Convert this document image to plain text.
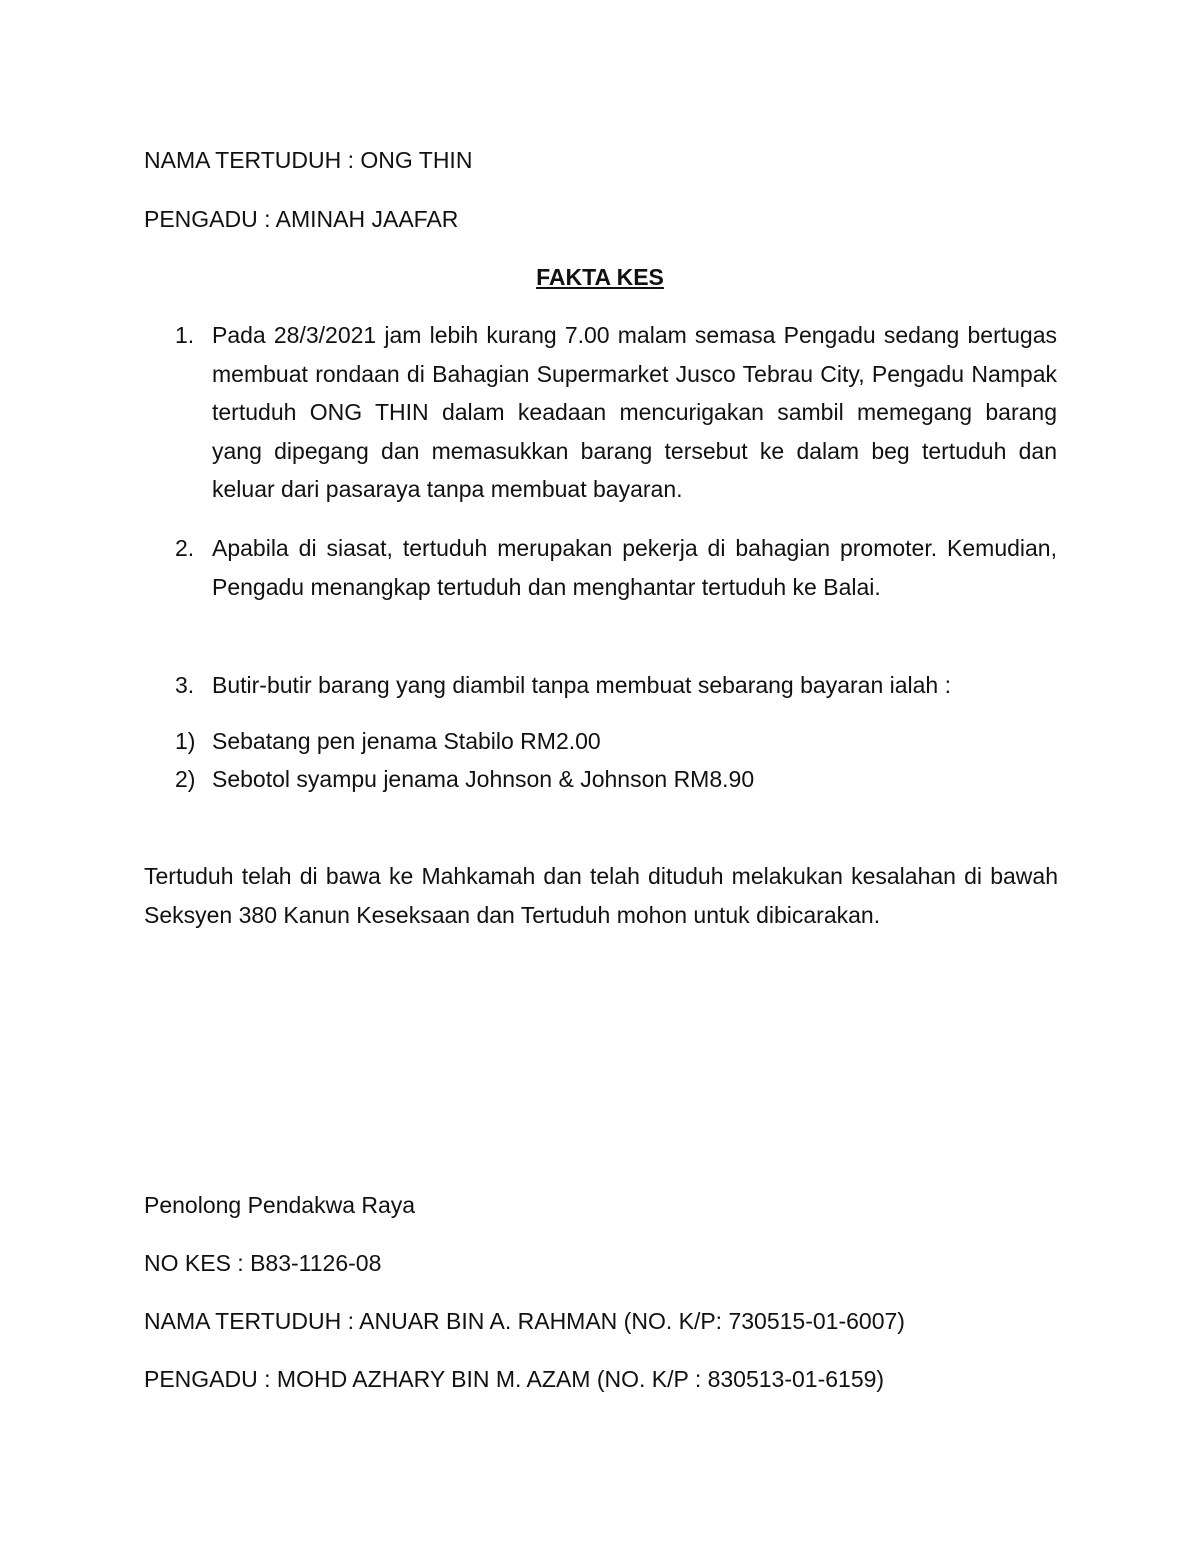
NAMA TERTUDUH : ONG THIN
PENGADU : AMINAH JAAFAR
FAKTA KES
1. Pada 28/3/2021 jam lebih kurang 7.00 malam semasa Pengadu sedang bertugas membuat rondaan di Bahagian Supermarket Jusco Tebrau City, Pengadu Nampak tertuduh ONG THIN dalam keadaan mencurigakan sambil memegang barang yang dipegang dan memasukkan barang tersebut ke dalam beg tertuduh dan keluar dari pasaraya tanpa membuat bayaran.
2. Apabila di siasat, tertuduh merupakan pekerja di bahagian promoter. Kemudian, Pengadu menangkap tertuduh dan menghantar tertuduh ke Balai.
3. Butir-butir barang yang diambil tanpa membuat sebarang bayaran ialah :
1) Sebatang pen jenama Stabilo RM2.00
2) Sebotol syampu jenama Johnson & Johnson RM8.90
Tertuduh telah di bawa ke Mahkamah dan telah dituduh melakukan kesalahan di bawah Seksyen 380 Kanun Keseksaan dan Tertuduh mohon untuk dibicarakan.
Penolong Pendakwa Raya
NO KES : B83-1126-08
NAMA TERTUDUH : ANUAR BIN A. RAHMAN (NO. K/P: 730515-01-6007)
PENGADU : MOHD AZHARY BIN M. AZAM (NO. K/P : 830513-01-6159)
